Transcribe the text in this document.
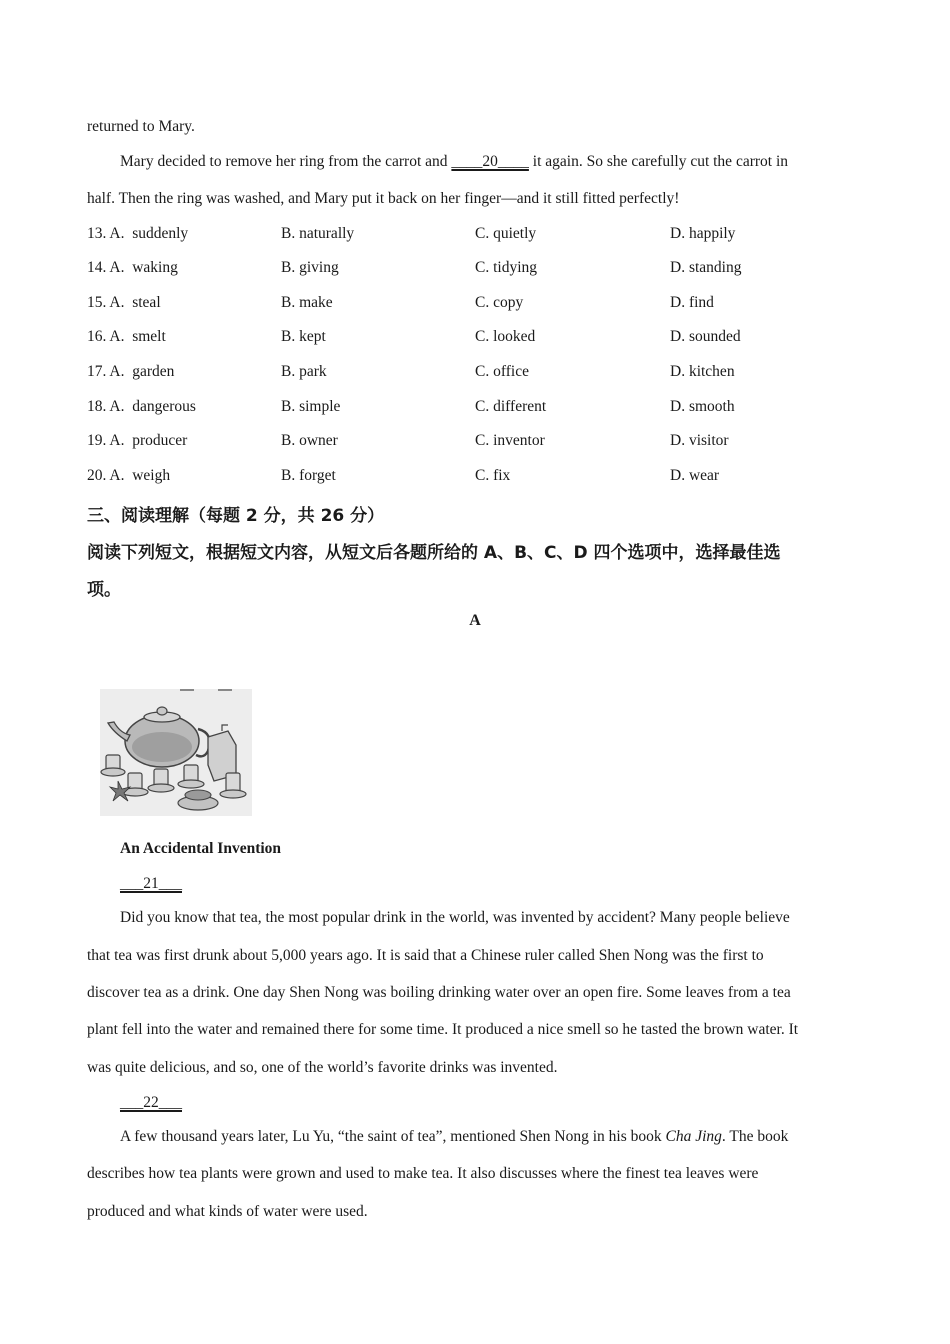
returned to Mary.
Mary decided to remove her ring from the carrot and ____20____ it again. So she carefully cut the carrot in
half. Then the ring was washed, and Mary put it back on her finger—and it still fitted perfectly!
13. A. suddenly	B. naturally	C. quietly	D. happily
14. A. waking	B. giving	C. tidying	D. standing
15. A. steal	B. make	C. copy	D. find
16. A. smelt	B. kept	C. looked	D. sounded
17. A. garden	B. park	C. office	D. kitchen
18. A. dangerous	B. simple	C. different	D. smooth
19. A. producer	B. owner	C. inventor	D. visitor
20. A. weigh	B. forget	C. fix	D. wear
三、阅读理解（每题 2 分，共 26 分）
阅读下列短文，根据短文内容，从短文后各题所给的 A、B、C、D 四个选项中，选择最佳选
项。
A
An Accidental Invention
___21___
Did you know that tea, the most popular drink in the world, was invented by accident? Many people believe
that tea was first drunk about 5,000 years ago. It is said that a Chinese ruler called Shen Nong was the first to
discover tea as a drink. One day Shen Nong was boiling drinking water over an open fire. Some leaves from a tea
plant fell into the water and remained there for some time. It produced a nice smell so he tasted the brown water. It
was quite delicious, and so, one of the world’s favorite drinks was invented.
___22___
A few thousand years later, Lu Yu, “the saint of tea”, mentioned Shen Nong in his book Cha Jing. The book
describes how tea plants were grown and used to make tea. It also discusses where the finest tea leaves were
produced and what kinds of water were used.
